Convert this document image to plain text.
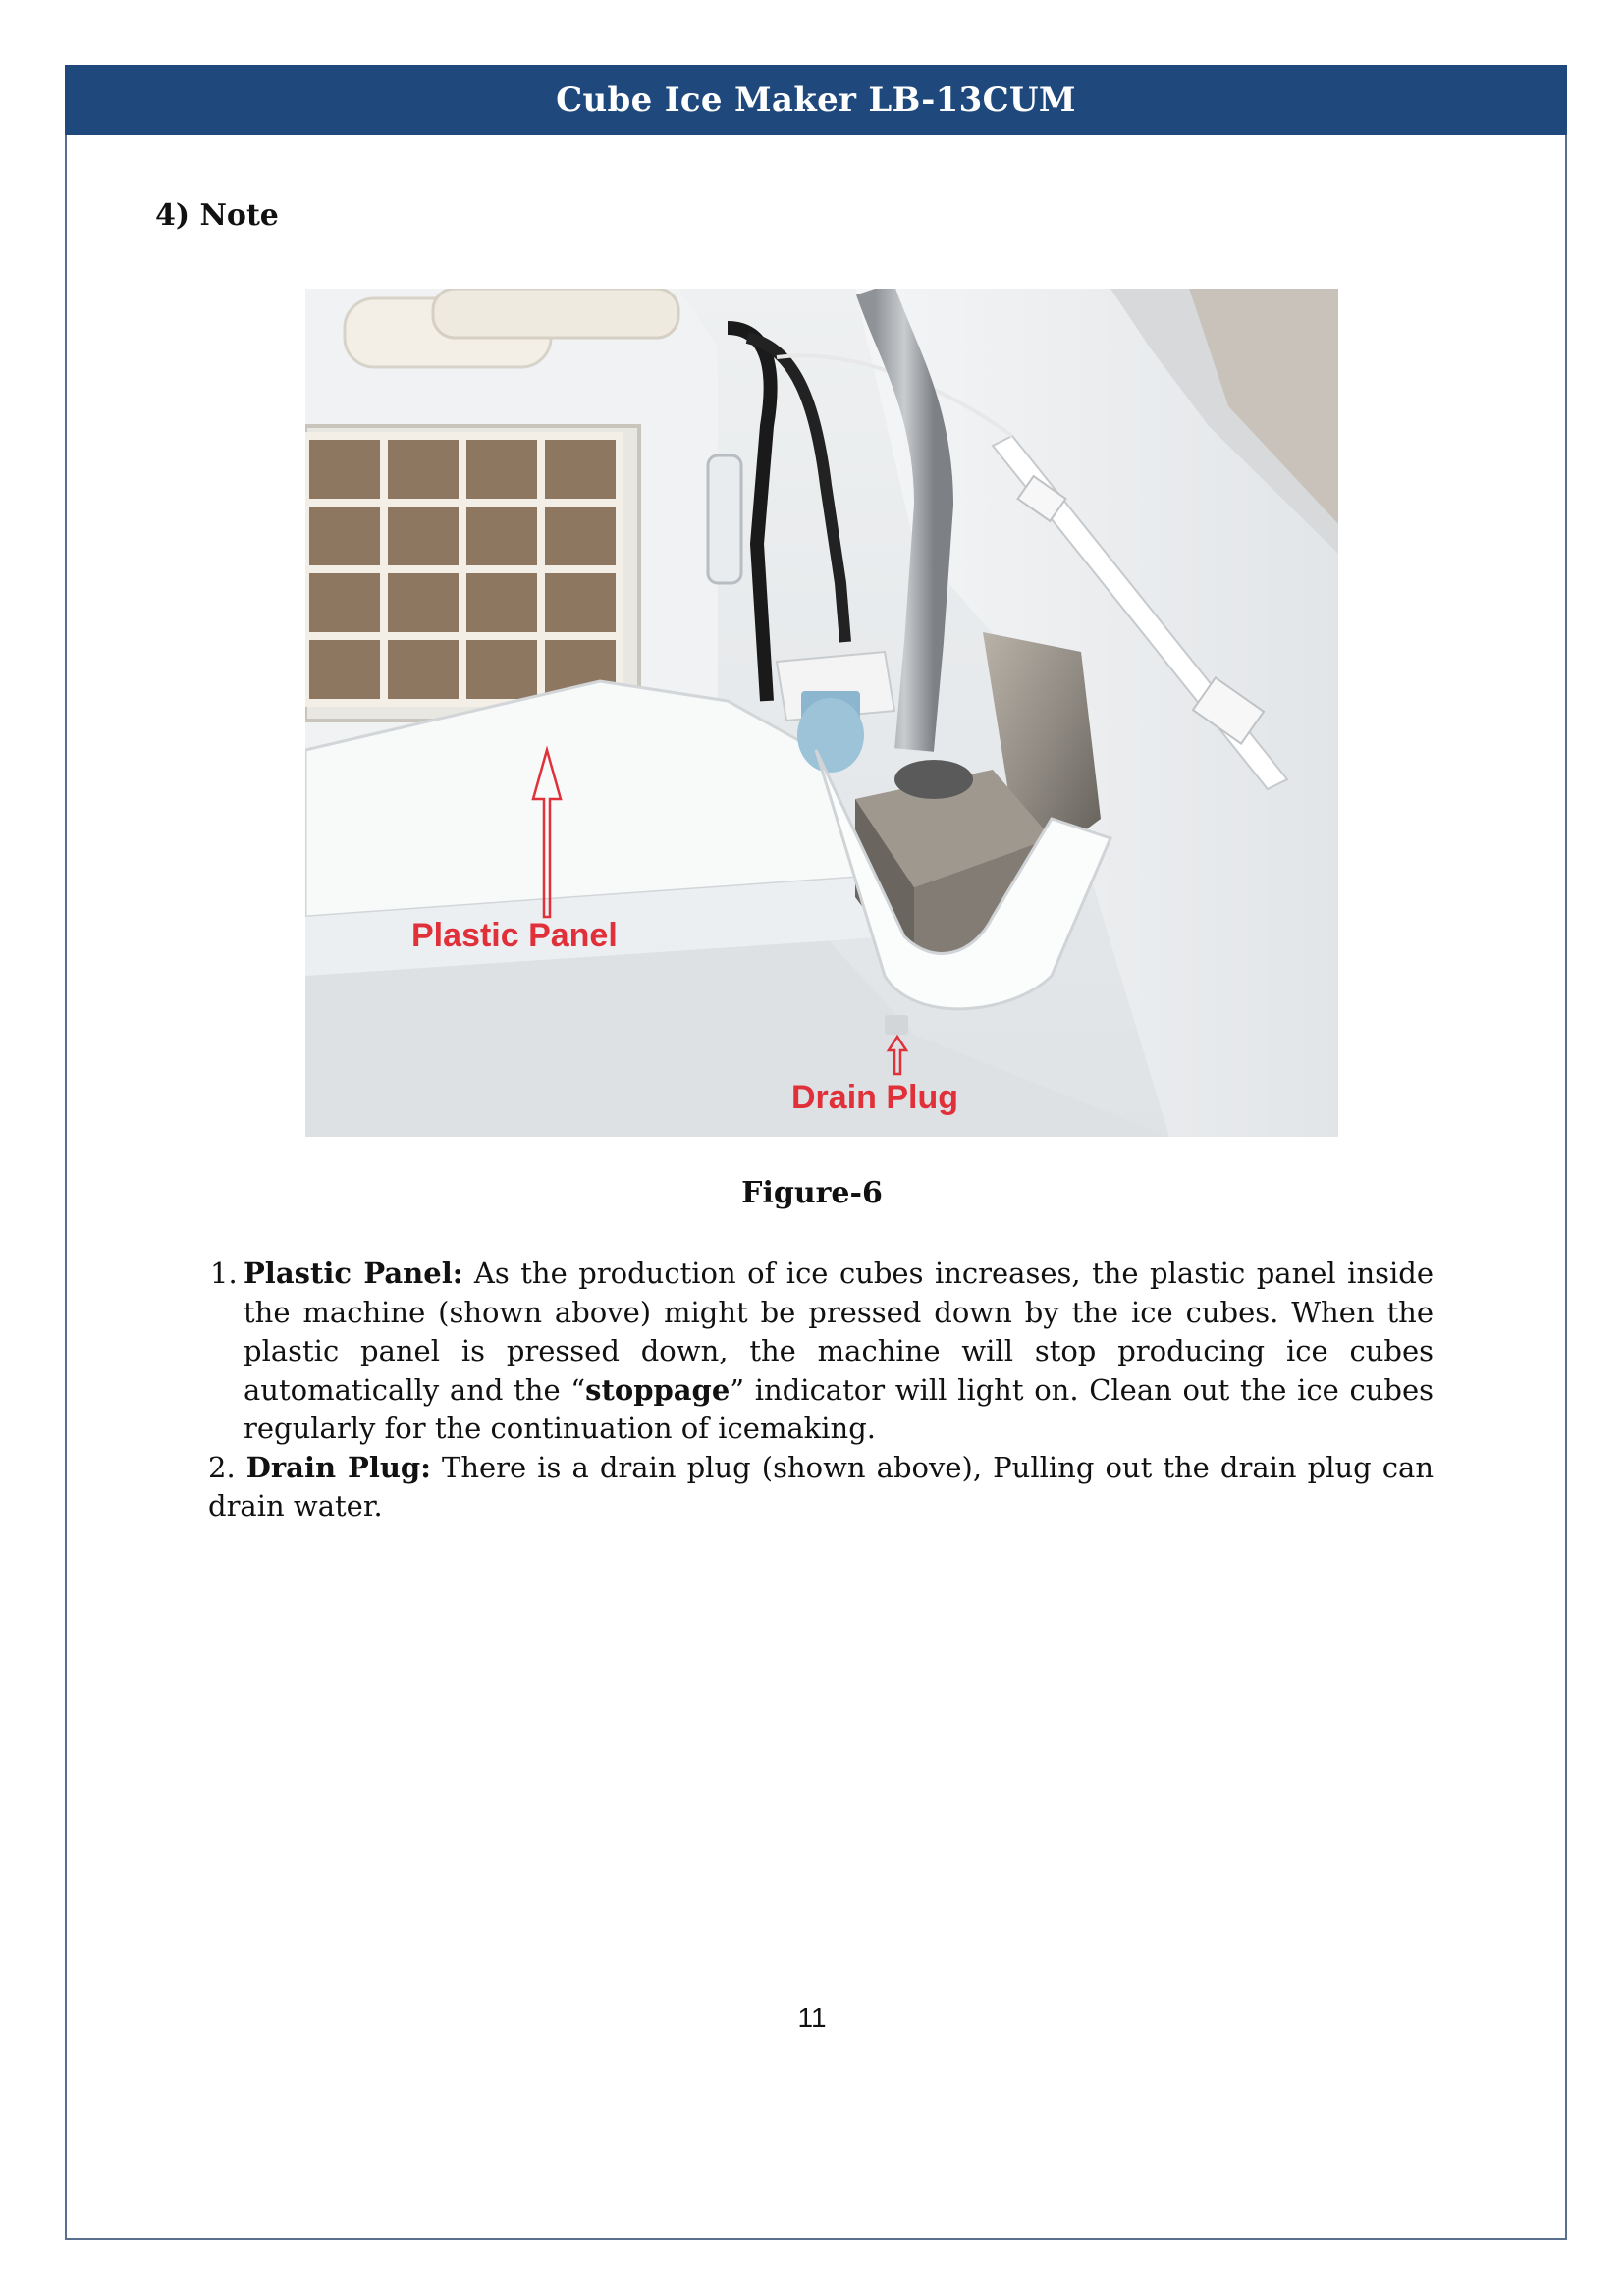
Cube Ice Maker LB-13CUM
4) Note
Plastic Panel
Drain Plug
Figure-6
1. Plastic Panel: As the production of ice cubes increases, the plastic panel inside the machine (shown above) might be pressed down by the ice cubes. When the plastic panel is pressed down, the machine will stop producing ice cubes automatically and the “stoppage” indicator will light on. Clean out the ice cubes regularly for the continuation of icemaking.
2. Drain Plug: There is a drain plug (shown above), Pulling out the drain plug can drain water.
11
